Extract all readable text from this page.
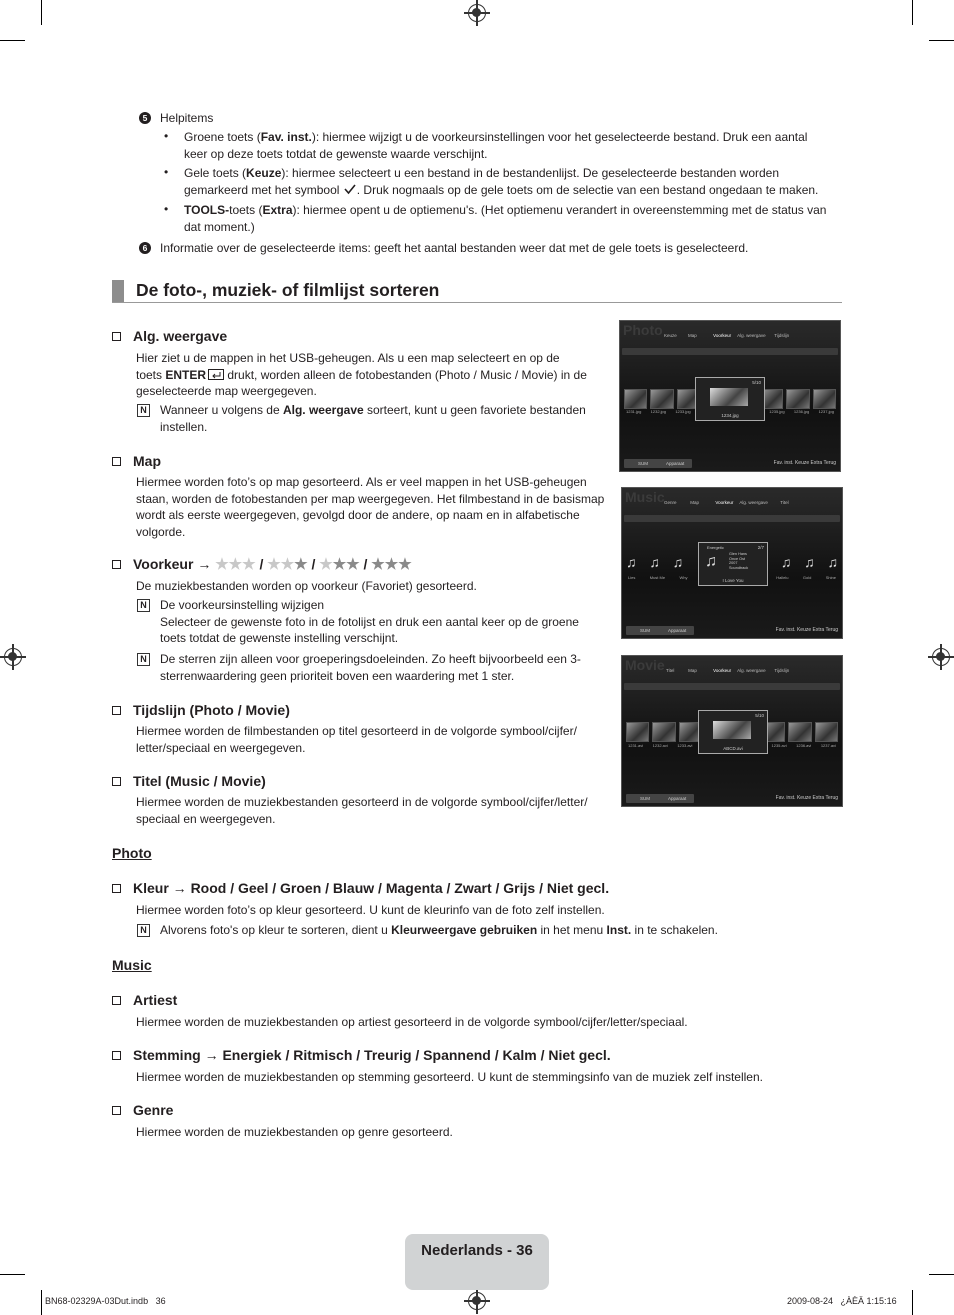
5	Helpitems
• Groene toets (Fav. inst.): hiermee wijzigt u de voorkeursinstellingen voor het geselecteerde bestand. Druk een aantal
keer op deze toets totdat de gewenste waarde verschijnt.
• Gele toets (Keuze): hiermee selecteert u een bestand in de bestandenlijst. De geselecteerde bestanden worden
gemarkeerd met het symbool . Druk nogmaals op de gele toets om de selectie van een bestand ongedaan te maken.
• TOOLS-toets (Extra): hiermee opent u de optiemenu's. (Het optiemenu verandert in overeenstemming met de status van
dat moment.)
6	Informatie over de geselecteerde items: geeft het aantal bestanden weer dat met de gele toets is geselecteerd.
De foto-, muziek- of filmlijst sorteren
Alg. weergave
Hier ziet u de mappen in het USB-geheugen. Als u een map selecteert en op de
toets ENTER drukt, worden alleen de fotobestanden (Photo / Music / Movie) in de
geselecteerde map weergegeven.
N Wanneer u volgens de Alg. weergave sorteert, kunt u geen favoriete bestanden
instellen.
Map
Hiermee worden foto’s op map gesorteerd. Als er veel mappen in het USB-geheugen
staan, worden de fotobestanden per map weergegeven. Het filmbestand in de basismap
wordt als eerste weergegeven, gevolgd door de andere, op naam en in alfabetische
volgorde.
Voorkeur → ★★★ / ★★★ / ★★★ / ★★★
De muziekbestanden worden op voorkeur (Favoriet) gesorteerd.
N De voorkeursinstelling wijzigen
Selecteer de gewenste foto in de fotolijst en druk een aantal keer op de groene
toets totdat de gewenste instelling verschijnt.
N De sterren zijn alleen voor groeperingsdoeleinden. Zo heeft bijvoorbeeld een 3-
sterrenwaardering geen prioriteit boven een waardering met 1 ster.
Tijdslijn (Photo / Movie)
Hiermee worden de filmbestanden op titel gesorteerd in de volgorde symbool/cijfer/
letter/speciaal en weergegeven.
Titel (Music / Movie)
Hiermee worden de muziekbestanden gesorteerd in de volgorde symbool/cijfer/letter/
speciaal en weergegeven.
Photo
Kleur → Rood / Geel / Groen / Blauw / Magenta / Zwart / Grijs / Niet gecl.
Hiermee worden foto’s op kleur gesorteerd. U kunt de kleurinfo van de foto zelf instellen.
N Alvorens foto's op kleur te sorteren, dient u Kleurweergave gebruiken in het menu Inst. in te schakelen.
Music
Artiest
Hiermee worden de muziekbestanden op artiest gesorteerd in de volgorde symbool/cijfer/letter/speciaal.
Stemming → Energiek / Ritmisch / Treurig / Spannend / Kalm / Niet gecl.
Hiermee worden de muziekbestanden op stemming gesorteerd. U kunt de stemmingsinfo van de muziek zelf instellen.
Genre
Hiermee worden de muziekbestanden op genre gesorteerd.
Photo Keuze	Map	Voorkeur Alg. weergave Tijdslijn
1231.jpg 1232.jpg 1233.jpg	1235.jpg 1236.jpg 1237.jpg
5/10
1234.jpg
SUM	Apparaat	Fav. inst. Keuze Extra Terug
Music Genre	Map	Voorkeur Alg. weergave	Titel
♫ ♫ ♫	♫ ♫ ♫
Lies	Must Me	Why	Hallelu	Gold	Shine
Energetic	2/7
♫	Glen Hans
Once Ost
2007
Soundtrack
I Love You
SUM	Apparaat	Fav. inst. Keuze Extra Terug
Movie Titel	Map	Voorkeur Alg. weergave Tijdslijn
1231.avi 1232.avi 1233.avi	1235.avi 1236.avi 1237.avi
5/10
ABCD.avi
SUM	Apparaat	Fav. inst. Keuze Extra Terug
Nederlands - 36
BN68-02329A-03Dut.indb   36	2009-08-24   ¿ÀÈÄ 1:15:16
